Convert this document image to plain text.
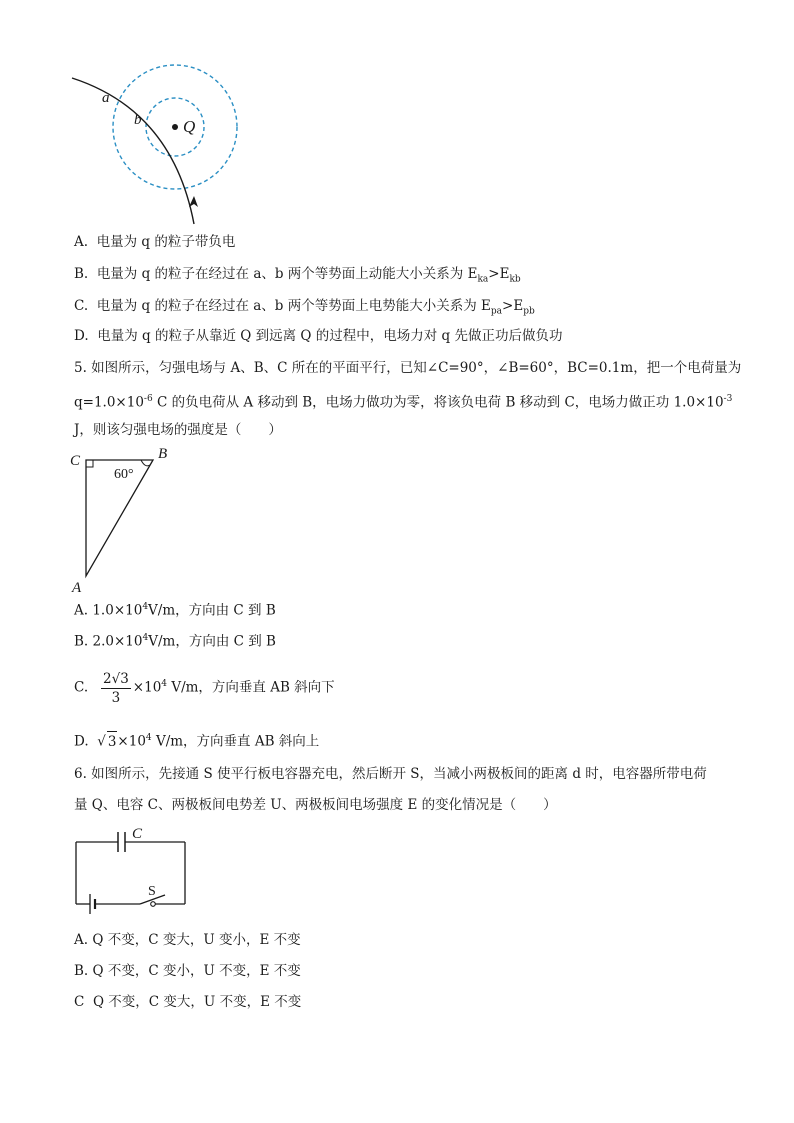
a
b Q
A. 电量为 q 的粒子带负电
B. 电量为 q 的粒子在经过在 a、b 两个等势面上动能大小关系为 $E_{ka}>E_{kb}$
C. 电量为 q 的粒子在经过在 a、b 两个等势面上电势能大小关系为 $E_{pa}>E_{pb}$
D. 电量为 q 的粒子从靠近 Q 到远离 Q 的过程中，电场力对 q 先做正功后做负功
5. 如图所示，匀强电场与 A、B、C 所在的平面平行，已知∠C=90°，∠B=60°，BC=0.1m，把一个电荷量为
$q=1.0\times 10^{-6}$ C 的负电荷从 A 移动到 B，电场力做功为零，将该负电荷 B 移动到 C，电场力做正功 $1.0\times 10^{-3}$
J，则该匀强电场的强度是（　　）
C	B
A
60°
A. $1.0\times 10^4V/m$，方向由 C 到 B
B. $2.0\times 10^4V/m$，方向由 C 到 B
C. $\frac{2√3}{3} \times 10^4$ V/m，方向垂直 AB 斜向下
D.  √ $3\times 10^4$ V/m，方向垂直 AB 斜向上
6. 如图所示，先接通 S 使平行板电容器充电，然后断开 S，当减小两极板间的距离 d 时，电容器所带电荷
量 Q、电容 C、两极板间电势差 U、两极板间电场强度 E 的变化情况是（　　）
C
S
A. Q 不变，C 变大，U 变小，E 不变
B. Q 不变，C 变小，U 不变，E 不变
C Q 不变，C 变大，U 不变，E 不变
